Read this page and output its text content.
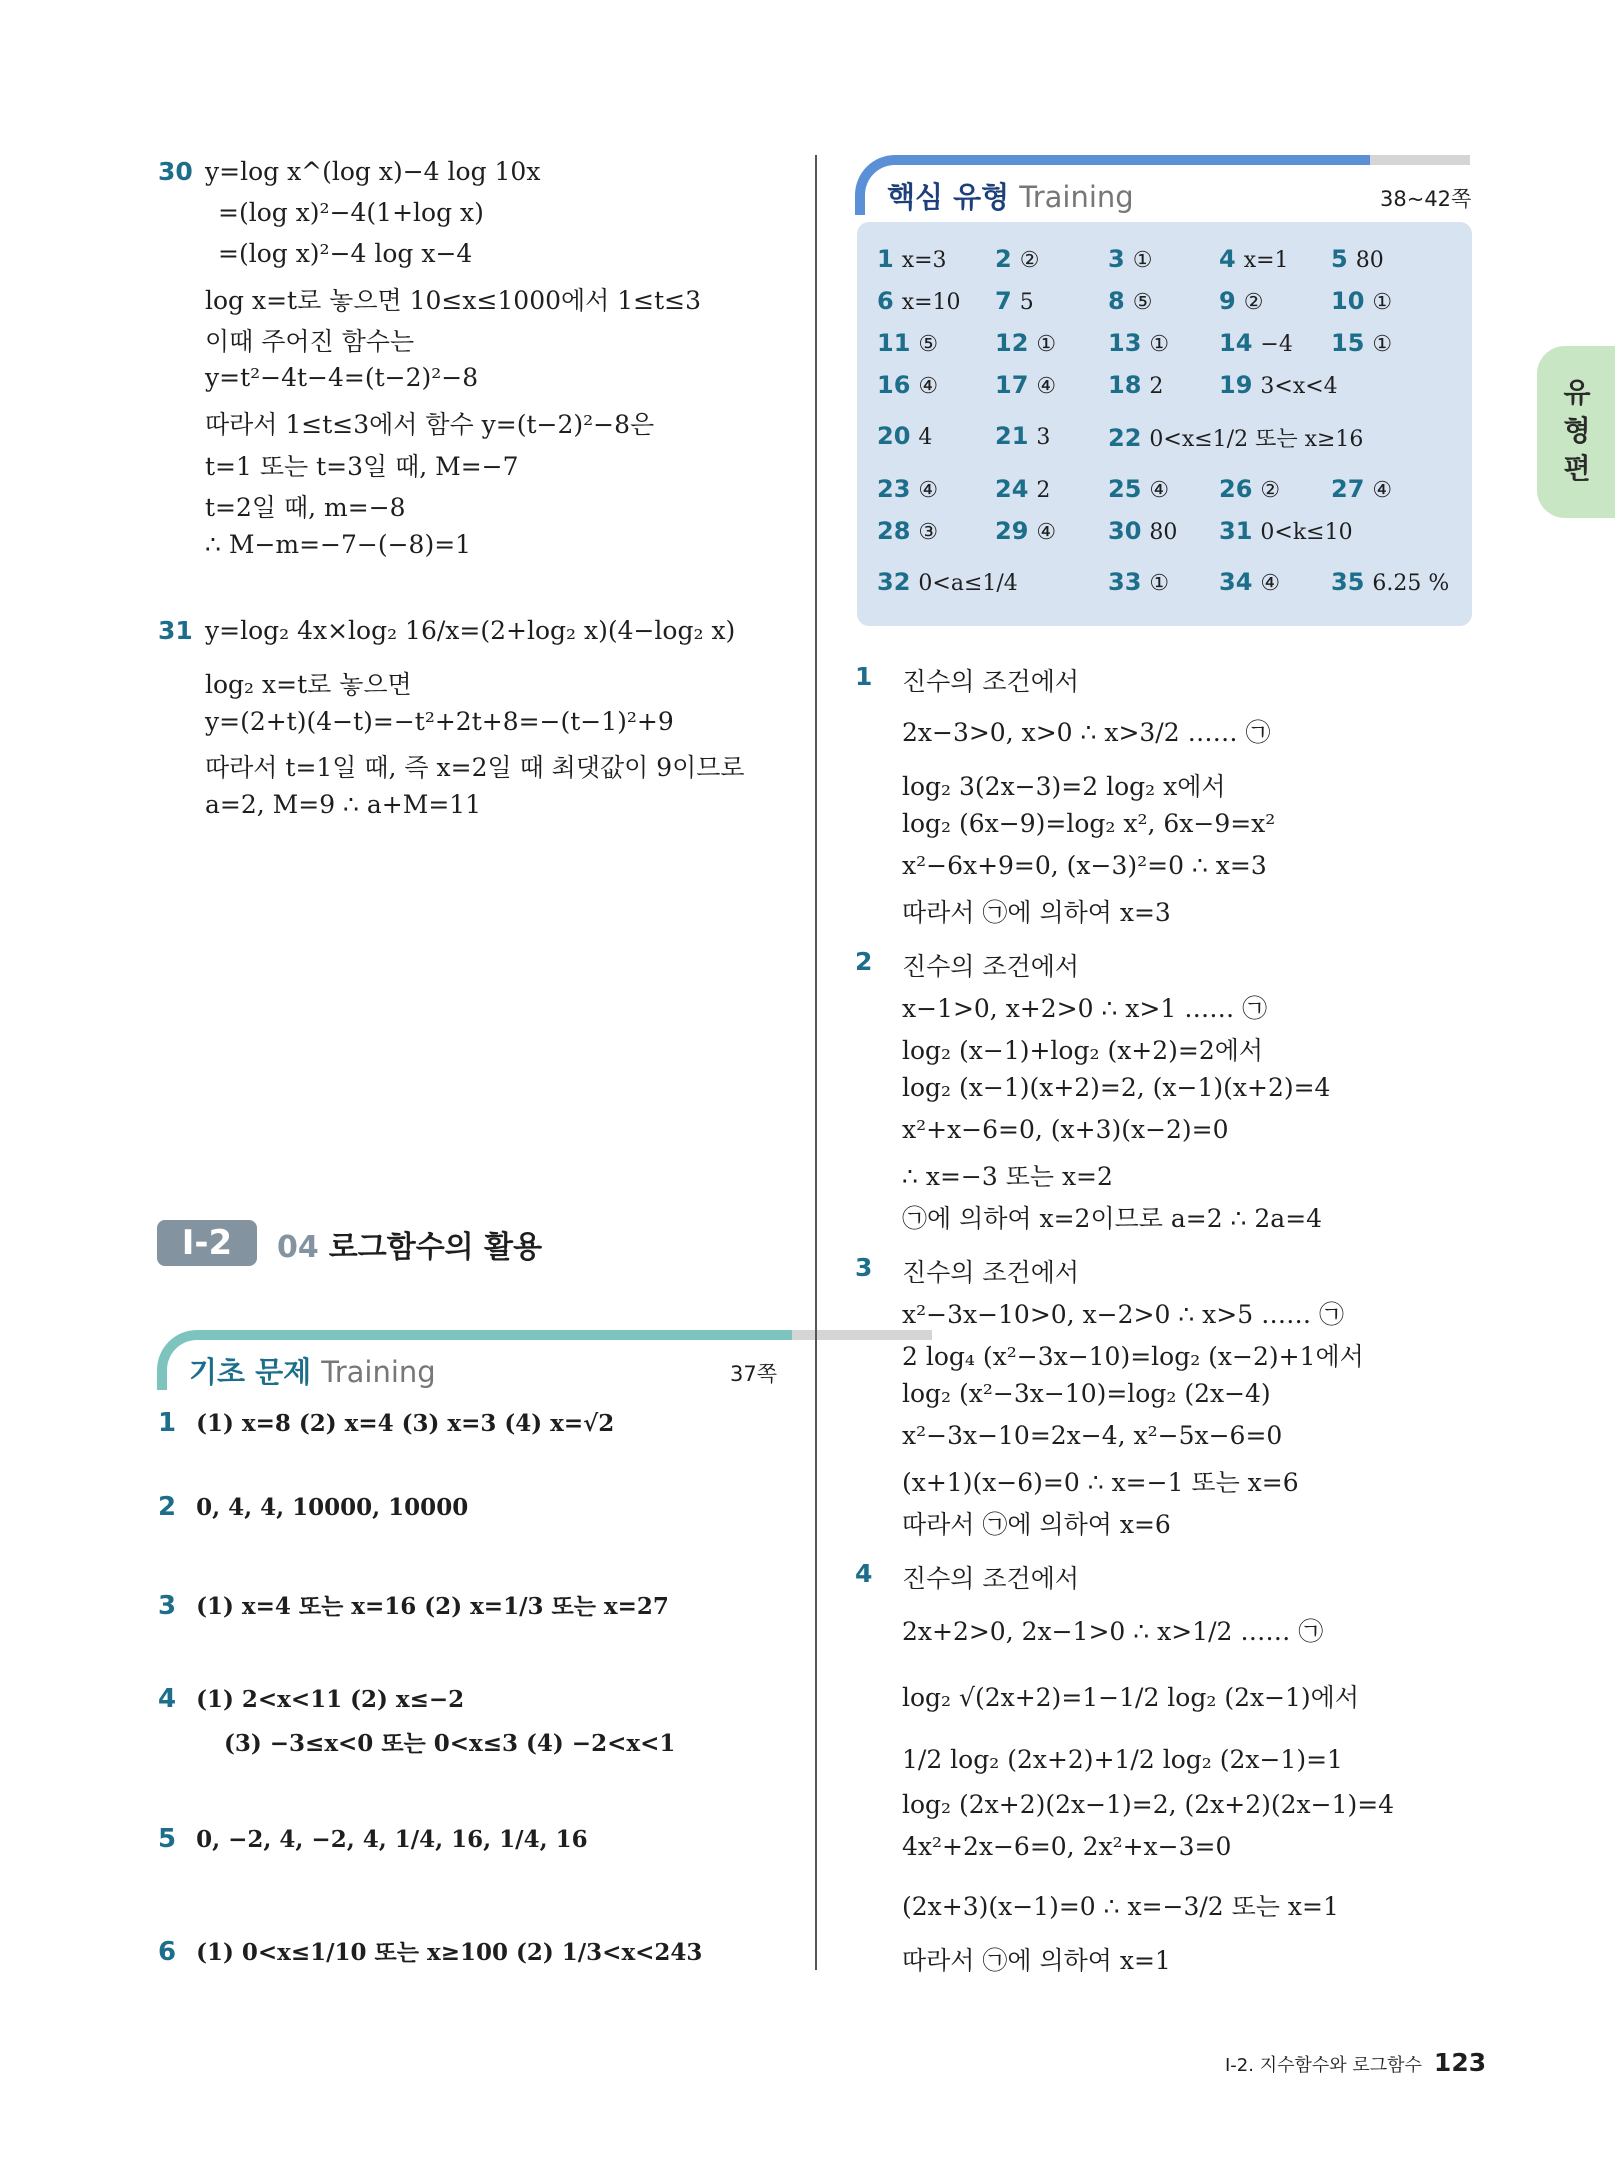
30 y=log x^(log x)−4 log 10x
=(log x)²−4(1+log x)
=(log x)²−4 log x−4
log x=t로 놓으면 10≤x≤1000에서 1≤t≤3
이때 주어진 함수는
y=t²−4t−4=(t−2)²−8
따라서 1≤t≤3에서 함수 y=(t−2)²−8은
t=1 또는 t=3일 때, M=−7
t=2일 때, m=−8
∴ M−m=−7−(−8)=1
31 y=log₂ 4x×log₂ 16/x=(2+log₂ x)(4−log₂ x)
log₂ x=t로 놓으면
y=(2+t)(4−t)=−t²+2t+8=−(t−1)²+9
따라서 t=1일 때, 즉 x=2일 때 최댓값이 9이므로
a=2, M=9 ∴ a+M=11
Ⅰ-2	04 로그함수의 활용
기초 문제 Training	37쪽
1 (1) x=8 (2) x=4 (3) x=3 (4) x=√2
2 0, 4, 4, 10000, 10000
3 (1) x=4 또는 x=16 (2) x=1/3 또는 x=27
4 (1) 2<x<11 (2) x≤−2
(3) −3≤x<0 또는 0<x≤3 (4) −2<x<1
5 0, −2, 4, −2, 4, 1/4, 16, 1/4, 16
6 (1) 0<x≤1/10 또는 x≥100 (2) 1/3<x<243
핵심 유형 Training	38~42쪽
1 x=3 2 ②	3 ①	4 x=1 5 80
6 x=10 7 5	8 ⑤	9 ②	10 ①
11 ⑤ 12 ① 13 ① 14 −4 15 ①
16 ④ 17 ④ 18 2 19 3<x<4
20 4	21 3 22 0<x≤1/2 또는 x≥16
23 ④ 24 2 25 ④ 26 ② 27 ④
28 ③ 29 ④ 30 80 31 0<k≤10
32 0<a≤1/4	33 ① 34 ④ 35 6.25 %
유형편
1 진수의 조건에서
2x−3>0, x>0 ∴ x>3/2 …… ㉠
log₂ 3(2x−3)=2 log₂ x에서
log₂ (6x−9)=log₂ x², 6x−9=x²
x²−6x+9=0, (x−3)²=0 ∴ x=3
따라서 ㉠에 의하여 x=3
2 진수의 조건에서
x−1>0, x+2>0 ∴ x>1 …… ㉠
log₂ (x−1)+log₂ (x+2)=2에서
log₂ (x−1)(x+2)=2, (x−1)(x+2)=4
x²+x−6=0, (x+3)(x−2)=0
∴ x=−3 또는 x=2
㉠에 의하여 x=2이므로 a=2 ∴ 2a=4
3 진수의 조건에서
x²−3x−10>0, x−2>0 ∴ x>5 …… ㉠
2 log₄ (x²−3x−10)=log₂ (x−2)+1에서
log₂ (x²−3x−10)=log₂ (2x−4)
x²−3x−10=2x−4, x²−5x−6=0
(x+1)(x−6)=0 ∴ x=−1 또는 x=6
따라서 ㉠에 의하여 x=6
4 진수의 조건에서
2x+2>0, 2x−1>0 ∴ x>1/2 …… ㉠
log₂ √(2x+2)=1−1/2 log₂ (2x−1)에서
1/2 log₂ (2x+2)+1/2 log₂ (2x−1)=1
log₂ (2x+2)(2x−1)=2, (2x+2)(2x−1)=4
4x²+2x−6=0, 2x²+x−3=0
(2x+3)(x−1)=0 ∴ x=−3/2 또는 x=1
따라서 ㉠에 의하여 x=1
Ⅰ-2. 지수함수와 로그함수 123
